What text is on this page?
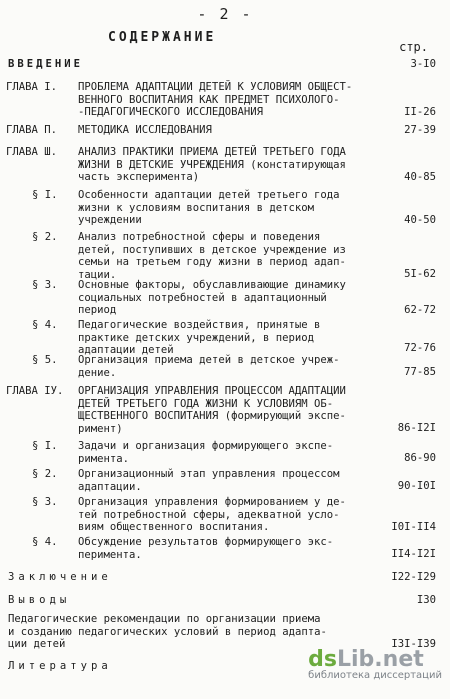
- 2 -
СОДЕРЖАНИЕ
стр.
ВВЕДЕНИЕ	3-I0
ГЛАВА I. ПРОБЛЕМА АДАПТАЦИИ ДЕТЕЙ К УСЛОВИЯМ ОБЩЕСТ-
ВЕННОГО ВОСПИТАНИЯ КАК ПРЕДМЕТ ПСИХОЛОГО-
-ПЕДАГОГИЧЕСКОГО ИССЛЕДОВАНИЯ	II-26
ГЛАВА П. МЕТОДИКА ИССЛЕДОВАНИЯ	27-39
ГЛАВА Ш. АНАЛИЗ ПРАКТИКИ ПРИЕМА ДЕТЕЙ ТРЕТЬЕГО ГОДА
ЖИЗНИ В ДЕТСКИЕ УЧРЕЖДЕНИЯ (констатирующая
часть эксперимента)	40-85
§ I. Особенности адаптации детей третьего года
жизни к условиям воспитания в детском
учреждении	40-50
§ 2. Анализ потребностной сферы и поведения
детей, поступивших в детское учреждение из
семьи на третьем году жизни в период адап-
тации.	5I-62
§ 3. Основные факторы, обуславливающие динамику
социальных потребностей в адаптационный
период	62-72
§ 4. Педагогические воздействия, принятые в
практике детских учреждений, в период
адаптации детей	72-76
§ 5. Организация приема детей в детское учреж-
дение.	77-85
ГЛАВА IУ. ОРГАНИЗАЦИЯ УПРАВЛЕНИЯ ПРОЦЕССОМ АДАПТАЦИИ
ДЕТЕЙ ТРЕТЬЕГО ГОДА ЖИЗНИ К УСЛОВИЯМ ОБ-
ЩЕСТВЕННОГО ВОСПИТАНИЯ (формирующий экспе-
римент)	86-I2I
§ I. Задачи и организация формирующего экспе-
римента.	86-90
§ 2. Организационный этап управления процессом
адаптации.	90-I0I
§ 3. Организация управления формированием у де-
тей потребностной сферы, адекватной усло-
виям общественного воспитания.	I0I-II4
§ 4. Обсуждение результатов формирующего экс-
перимента.	II4-I2I
Заключение	I22-I29
Выводы	I30
Педагогические рекомендации по организации приема
и созданию педагогических условий в период адапта-
ции детей	I3I-I39
Литература	dsLib.net
библиотека диссертаций
